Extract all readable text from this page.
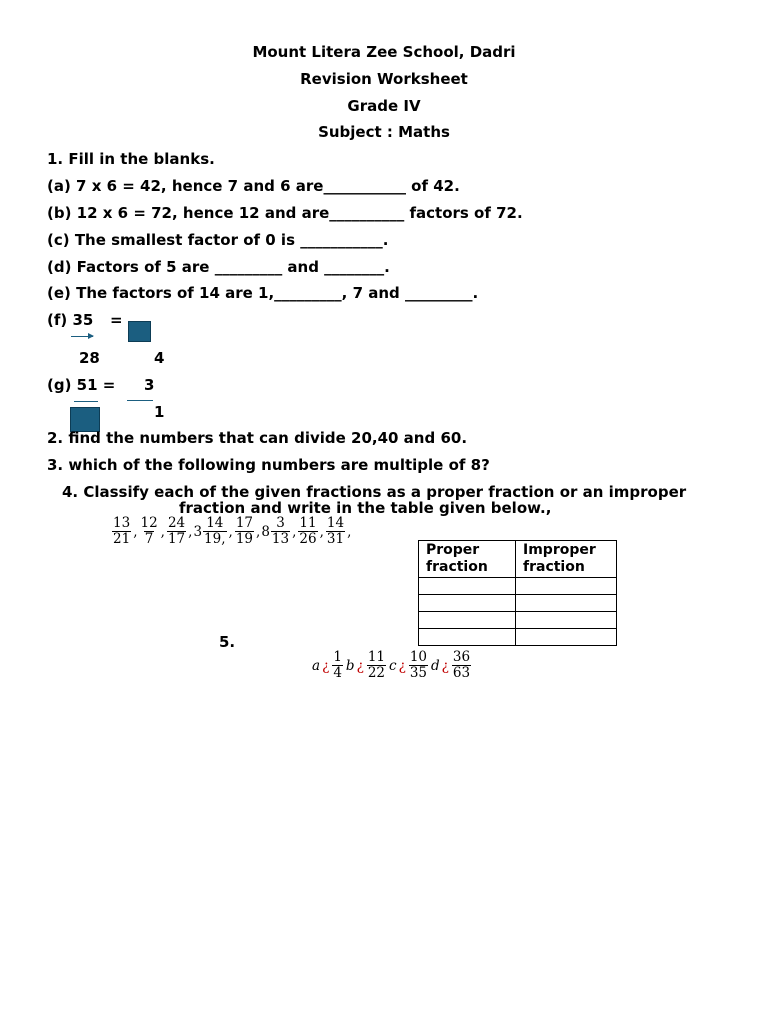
Mount Litera Zee School, Dadri
Revision Worksheet
Grade IV
Subject : Maths
1. Fill in the blanks.
(a) 7 x 6 = 42, hence 7 and 6 are___________ of 42.
(b) 12 x 6 = 72, hence 12 and are__________ factors of 72.
(c) The smallest factor of 0 is ___________.
(d) Factors of 5 are _________ and ________.
(e) The factors of 14 are 1,_________, 7 and _________.
(f) 35 =
28	4
(g) 51 = 3
1
2. find the numbers that can divide 20,40 and 60.
3. which of the following numbers are multiple of 8?
4. Classify each of the given fractions as a proper fraction or an improper
fraction and write in the table given below.,
$\frac{13}{21}$ , $\frac{12}{7}$ , $\frac{24}{17}$ , $3 \frac{14}{19,}$ , $\frac{17}{19}$ , $8 \frac{3}{13}$ , $\frac{11}{26}$ , $\frac{14}{31}$ ,
Proper fraction	Improper fraction

5.
a ¿ $\frac{1}{4}$ b ¿ $\frac{11}{22}$ c ¿ $\frac{10}{35}$ d ¿ $\frac{36}{63}$
